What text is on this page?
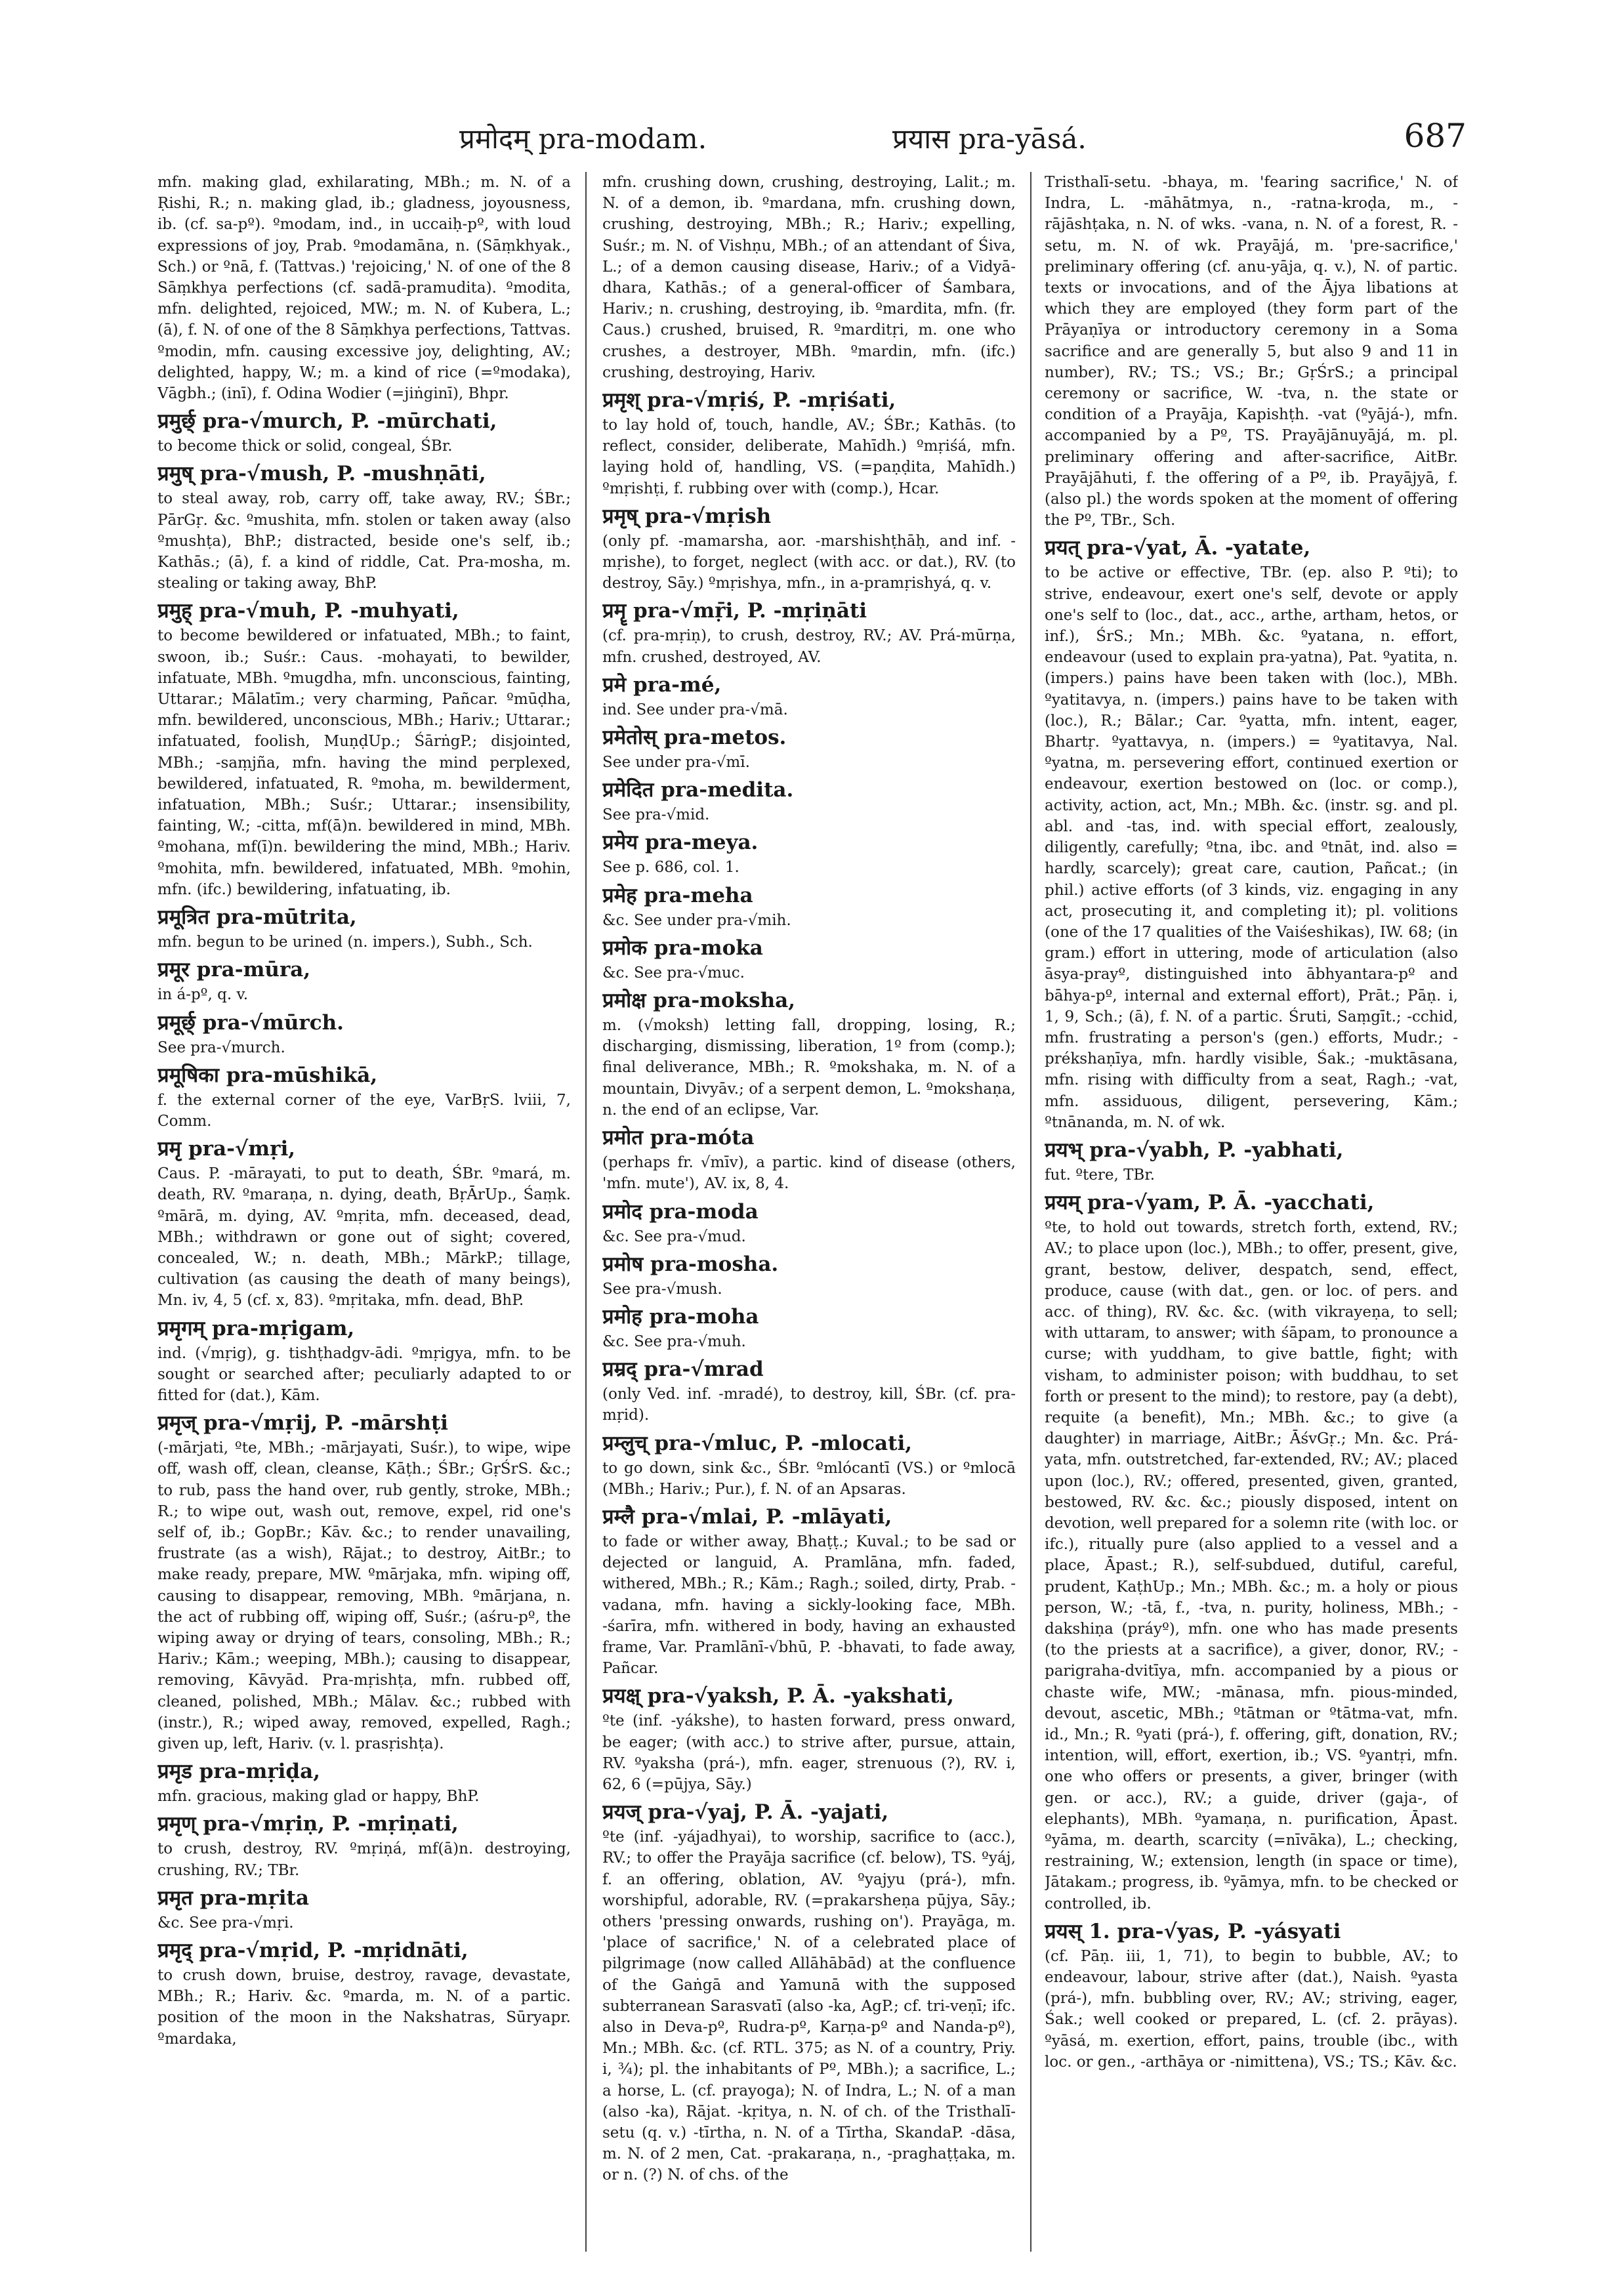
प्रमोदम् pra-modam.	प्रयास pra-yāsá.	687
mfn. making glad, exhilarating, MBh.; m. N. of a Ṛishi, R.; n. making glad, ib.; gladness, joyousness, ib. (cf. sa-pº). ºmodam, ind., in uccaiḥ-pº, with loud expressions of joy, Prab. ºmodamāna, n. (Sāṃkhyak., Sch.) or ºnā, f. (Tattvas.) 'rejoicing,' N. of one of the 8 Sāṃkhya perfections (cf. sadā-pramudita). ºmodita, mfn. delighted, rejoiced, MW.; m. N. of Kubera, L.; (ā), f. N. of one of the 8 Sāṃkhya perfections, Tattvas. ºmodin, mfn. causing excessive joy, delighting, AV.; delighted, happy, W.; m. a kind of rice (=ºmodaka), Vāgbh.; (inī), f. Odina Wodier (=jiṅginī), Bhpr.
प्रमुर्छ् pra-√murch, P. -mūrchati,
to become thick or solid, congeal, ŚBr.
प्रमुष् pra-√mush, P. -mushṇāti,
to steal away, rob, carry off, take away, RV.; ŚBr.; PārGṛ. &c. ºmushita, mfn. stolen or taken away (also ºmushṭa), BhP.; distracted, beside one's self, ib.; Kathās.; (ā), f. a kind of riddle, Cat. Pra-mosha, m. stealing or taking away, BhP.
प्रमुह् pra-√muh, P. -muhyati,
to become bewildered or infatuated, MBh.; to faint, swoon, ib.; Suśr.: Caus. -mohayati, to bewilder, infatuate, MBh. ºmugdha, mfn. unconscious, fainting, Uttarar.; Mālatīm.; very charming, Pañcar. ºmūḍha, mfn. bewildered, unconscious, MBh.; Hariv.; Uttarar.; infatuated, foolish, MuṇḍUp.; ŚārṅgP.; disjointed, MBh.; -saṃjña, mfn. having the mind perplexed, bewildered, infatuated, R. ºmoha, m. bewilderment, infatuation, MBh.; Suśr.; Uttarar.; insensibility, fainting, W.; -citta, mf(ā)n. bewildered in mind, MBh. ºmohana, mf(ī)n. bewildering the mind, MBh.; Hariv. ºmohita, mfn. bewildered, infatuated, MBh. ºmohin, mfn. (ifc.) bewildering, infatuating, ib.
प्रमूत्रित pra-mūtrita,
mfn. begun to be urined (n. impers.), Subh., Sch.
प्रमूर pra-mūra,
in á-pº, q. v.
प्रमूर्छ् pra-√mūrch.
See pra-√murch.
प्रमूषिका pra-mūshikā,
f. the external corner of the eye, VarBṛS. lviii, 7, Comm.
प्रमृ pra-√mṛi,
Caus. P. -mārayati, to put to death, ŚBr. ºmará, m. death, RV. ºmaraṇa, n. dying, death, BṛĀrUp., Śaṃk. ºmārā, m. dying, AV. ºmṛita, mfn. deceased, dead, MBh.; withdrawn or gone out of sight; covered, concealed, W.; n. death, MBh.; MārkP.; tillage, cultivation (as causing the death of many beings), Mn. iv, 4, 5 (cf. x, 83). ºmṛitaka, mfn. dead, BhP.
प्रमृगम् pra-mṛigam,
ind. (√mṛig), g. tishṭhadgv-ādi. ºmṛigya, mfn. to be sought or searched after; peculiarly adapted to or fitted for (dat.), Kām.
प्रमृज् pra-√mṛij, P. -mārshṭi
(-mārjati, ºte, MBh.; -mārjayati, Suśr.), to wipe, wipe off, wash off, clean, cleanse, Kāṭh.; ŚBr.; GṛŚrS. &c.; to rub, pass the hand over, rub gently, stroke, MBh.; R.; to wipe out, wash out, remove, expel, rid one's self of, ib.; GopBr.; Kāv. &c.; to render unavailing, frustrate (as a wish), Rājat.; to destroy, AitBr.; to make ready, prepare, MW. ºmārjaka, mfn. wiping off, causing to disappear, removing, MBh. ºmārjana, n. the act of rubbing off, wiping off, Suśr.; (aśru-pº, the wiping away or drying of tears, consoling, MBh.; R.; Hariv.; Kām.; weeping, MBh.); causing to disappear, removing, Kāvyād. Pra-mṛishṭa, mfn. rubbed off, cleaned, polished, MBh.; Mālav. &c.; rubbed with (instr.), R.; wiped away, removed, expelled, Ragh.; given up, left, Hariv. (v. l. prasṛishṭa).
प्रमृड pra-mṛiḍa,
mfn. gracious, making glad or happy, BhP.
प्रमृण् pra-√mṛiṇ, P. -mṛiṇati,
to crush, destroy, RV. ºmṛiṇá, mf(ā)n. destroying, crushing, RV.; TBr.
प्रमृत pra-mṛita
&c. See pra-√mṛi.
प्रमृद् pra-√mṛid, P. -mṛidnāti,
to crush down, bruise, destroy, ravage, devastate, MBh.; R.; Hariv. &c. ºmarda, m. N. of a partic. position of the moon in the Nakshatras, Sūryapr. ºmardaka,
mfn. crushing down, crushing, destroying, Lalit.; m. N. of a demon, ib. ºmardana, mfn. crushing down, crushing, destroying, MBh.; R.; Hariv.; expelling, Suśr.; m. N. of Vishṇu, MBh.; of an attendant of Śiva, L.; of a demon causing disease, Hariv.; of a Vidyā-dhara, Kathās.; of a general-officer of Śambara, Hariv.; n. crushing, destroying, ib. ºmardita, mfn. (fr. Caus.) crushed, bruised, R. ºmarditṛi, m. one who crushes, a destroyer, MBh. ºmardin, mfn. (ifc.) crushing, destroying, Hariv.
प्रमृश् pra-√mṛiś, P. -mṛiśati,
to lay hold of, touch, handle, AV.; ŚBr.; Kathās. (to reflect, consider, deliberate, Mahīdh.) ºmṛiśá, mfn. laying hold of, handling, VS. (=paṇḍita, Mahīdh.) ºmṛishṭi, f. rubbing over with (comp.), Hcar.
प्रमृष् pra-√mṛish
(only pf. -mamarsha, aor. -marshishṭhāḥ, and inf. -mṛishe), to forget, neglect (with acc. or dat.), RV. (to destroy, Sāy.) ºmṛishya, mfn., in a-pramṛishyá, q. v.
प्रमॄ pra-√mṝi, P. -mṛiṇāti
(cf. pra-mṛiṇ), to crush, destroy, RV.; AV. Prá-mūrṇa, mfn. crushed, destroyed, AV.
प्रमे pra-mé,
ind. See under pra-√mā.
प्रमेतोस् pra-metos.
See under pra-√mī.
प्रमेदित pra-medita.
See pra-√mid.
प्रमेय pra-meya.
See p. 686, col. 1.
प्रमेह pra-meha
&c. See under pra-√mih.
प्रमोक pra-moka
&c. See pra-√muc.
प्रमोक्ष pra-moksha,
m. (√moksh) letting fall, dropping, losing, R.; discharging, dismissing, liberation, 1º from (comp.); final deliverance, MBh.; R. ºmokshaka, m. N. of a mountain, Divyāv.; of a serpent demon, L. ºmokshaṇa, n. the end of an eclipse, Var.
प्रमोत pra-móta
(perhaps fr. √mīv), a partic. kind of disease (others, 'mfn. mute'), AV. ix, 8, 4.
प्रमोद pra-moda
&c. See pra-√mud.
प्रमोष pra-mosha.
See pra-√mush.
प्रमोह pra-moha
&c. See pra-√muh.
प्रम्रद् pra-√mrad
(only Ved. inf. -mradé), to destroy, kill, ŚBr. (cf. pra-mṛid).
प्रम्लुच् pra-√mluc, P. -mlocati,
to go down, sink &c., ŚBr. ºmlócantī (VS.) or ºmlocā (MBh.; Hariv.; Pur.), f. N. of an Apsaras.
प्रम्लै pra-√mlai, P. -mlāyati,
to fade or wither away, Bhaṭṭ.; Kuval.; to be sad or dejected or languid, A. Pramlāna, mfn. faded, withered, MBh.; R.; Kām.; Ragh.; soiled, dirty, Prab. -vadana, mfn. having a sickly-looking face, MBh. -śarīra, mfn. withered in body, having an exhausted frame, Var. Pramlānī-√bhū, P. -bhavati, to fade away, Pañcar.
प्रयक्ष् pra-√yaksh, P. Ā. -yakshati,
ºte (inf. -yákshe), to hasten forward, press onward, be eager; (with acc.) to strive after, pursue, attain, RV. ºyaksha (prá-), mfn. eager, strenuous (?), RV. i, 62, 6 (=pūjya, Sāy.)
प्रयज् pra-√yaj, P. Ā. -yajati,
ºte (inf. -yájadhyai), to worship, sacrifice to (acc.), RV.; to offer the Prayāja sacrifice (cf. below), TS. ºyáj, f. an offering, oblation, AV. ºyajyu (prá-), mfn. worshipful, adorable, RV. (=prakarsheṇa pūjya, Sāy.; others 'pressing onwards, rushing on'). Prayāga, m. 'place of sacrifice,' N. of a celebrated place of pilgrimage (now called Allāhābād) at the confluence of the Gaṅgā and Yamunā with the supposed subterranean Sarasvatī (also -ka, AgP.; cf. tri-veṇī; ifc. also in Deva-pº, Rudra-pº, Karṇa-pº and Nanda-pº), Mn.; MBh. &c. (cf. RTL. 375; as N. of a country, Priy. i, ¾); pl. the inhabitants of Pº, MBh.); a sacrifice, L.; a horse, L. (cf. prayoga); N. of Indra, L.; N. of a man (also -ka), Rājat. -kṛitya, n. N. of ch. of the Tristhalī-setu (q. v.) -tīrtha, n. N. of a Tīrtha, SkandaP. -dāsa, m. N. of 2 men, Cat. -prakaraṇa, n., -praghaṭṭaka, m. or n. (?) N. of chs. of the
Tristhalī-setu. -bhaya, m. 'fearing sacrifice,' N. of Indra, L. -māhātmya, n., -ratna-kroḍa, m., -rājāshṭaka, n. N. of wks. -vana, n. N. of a forest, R. -setu, m. N. of wk. Prayājá, m. 'pre-sacrifice,' preliminary offering (cf. anu-yāja, q. v.), N. of partic. texts or invocations, and of the Ājya libations at which they are employed (they form part of the Prāyaṇīya or introductory ceremony in a Soma sacrifice and are generally 5, but also 9 and 11 in number), RV.; TS.; VS.; Br.; GṛŚrS.; a principal ceremony or sacrifice, W. -tva, n. the state or condition of a Prayāja, Kapishṭh. -vat (ºyājá-), mfn. accompanied by a Pº, TS. Prayājānuyājá, m. pl. preliminary offering and after-sacrifice, AitBr. Prayājāhuti, f. the offering of a Pº, ib. Prayājyā, f. (also pl.) the words spoken at the moment of offering the Pº, TBr., Sch.
प्रयत् pra-√yat, Ā. -yatate,
to be active or effective, TBr. (ep. also P. ºti); to strive, endeavour, exert one's self, devote or apply one's self to (loc., dat., acc., arthe, artham, hetos, or inf.), ŚrS.; Mn.; MBh. &c. ºyatana, n. effort, endeavour (used to explain pra-yatna), Pat. ºyatita, n. (impers.) pains have been taken with (loc.), MBh. ºyatitavya, n. (impers.) pains have to be taken with (loc.), R.; Bālar.; Car. ºyatta, mfn. intent, eager, Bhartṛ. ºyattavya, n. (impers.) = ºyatitavya, Nal. ºyatna, m. persevering effort, continued exertion or endeavour, exertion bestowed on (loc. or comp.), activity, action, act, Mn.; MBh. &c. (instr. sg. and pl. abl. and -tas, ind. with special effort, zealously, diligently, carefully; ºtna, ibc. and ºtnāt, ind. also = hardly, scarcely); great care, caution, Pañcat.; (in phil.) active efforts (of 3 kinds, viz. engaging in any act, prosecuting it, and completing it); pl. volitions (one of the 17 qualities of the Vaiśeshikas), IW. 68; (in gram.) effort in uttering, mode of articulation (also āsya-prayº, distinguished into ābhyantara-pº and bāhya-pº, internal and external effort), Prāt.; Pāṇ. i, 1, 9, Sch.; (ā), f. N. of a partic. Śruti, Saṃgīt.; -cchid, mfn. frustrating a person's (gen.) efforts, Mudr.; -prékshaṇīya, mfn. hardly visible, Śak.; -muktāsana, mfn. rising with difficulty from a seat, Ragh.; -vat, mfn. assiduous, diligent, persevering, Kām.; ºtnānanda, m. N. of wk.
प्रयभ् pra-√yabh, P. -yabhati,
fut. ºtere, TBr.
प्रयम् pra-√yam, P. Ā. -yacchati,
ºte, to hold out towards, stretch forth, extend, RV.; AV.; to place upon (loc.), MBh.; to offer, present, give, grant, bestow, deliver, despatch, send, effect, produce, cause (with dat., gen. or loc. of pers. and acc. of thing), RV. &c. &c. (with vikrayeṇa, to sell; with uttaram, to answer; with śāpam, to pronounce a curse; with yuddham, to give battle, fight; with visham, to administer poison; with buddhau, to set forth or present to the mind); to restore, pay (a debt), requite (a benefit), Mn.; MBh. &c.; to give (a daughter) in marriage, AitBr.; ĀśvGṛ.; Mn. &c. Prá-yata, mfn. outstretched, far-extended, RV.; AV.; placed upon (loc.), RV.; offered, presented, given, granted, bestowed, RV. &c. &c.; piously disposed, intent on devotion, well prepared for a solemn rite (with loc. or ifc.), ritually pure (also applied to a vessel and a place, Āpast.; R.), self-subdued, dutiful, careful, prudent, KaṭhUp.; Mn.; MBh. &c.; m. a holy or pious person, W.; -tā, f., -tva, n. purity, holiness, MBh.; -dakshiṇa (práyº), mfn. one who has made presents (to the priests at a sacrifice), a giver, donor, RV.; -parigraha-dvitīya, mfn. accompanied by a pious or chaste wife, MW.; -mānasa, mfn. pious-minded, devout, ascetic, MBh.; ºtātman or ºtātma-vat, mfn. id., Mn.; R. ºyati (prá-), f. offering, gift, donation, RV.; intention, will, effort, exertion, ib.; VS. ºyantṛi, mfn. one who offers or presents, a giver, bringer (with gen. or acc.), RV.; a guide, driver (gaja-, of elephants), MBh. ºyamaṇa, n. purification, Āpast. ºyāma, m. dearth, scarcity (=nīvāka), L.; checking, restraining, W.; extension, length (in space or time), Jātakam.; progress, ib. ºyāmya, mfn. to be checked or controlled, ib.
प्रयस् 1. pra-√yas, P. -yásyati
(cf. Pāṇ. iii, 1, 71), to begin to bubble, AV.; to endeavour, labour, strive after (dat.), Naish. ºyasta (prá-), mfn. bubbling over, RV.; AV.; striving, eager, Śak.; well cooked or prepared, L. (cf. 2. prāyas). ºyāsá, m. exertion, effort, pains, trouble (ibc., with loc. or gen., -arthāya or -nimittena), VS.; TS.; Kāv. &c.
